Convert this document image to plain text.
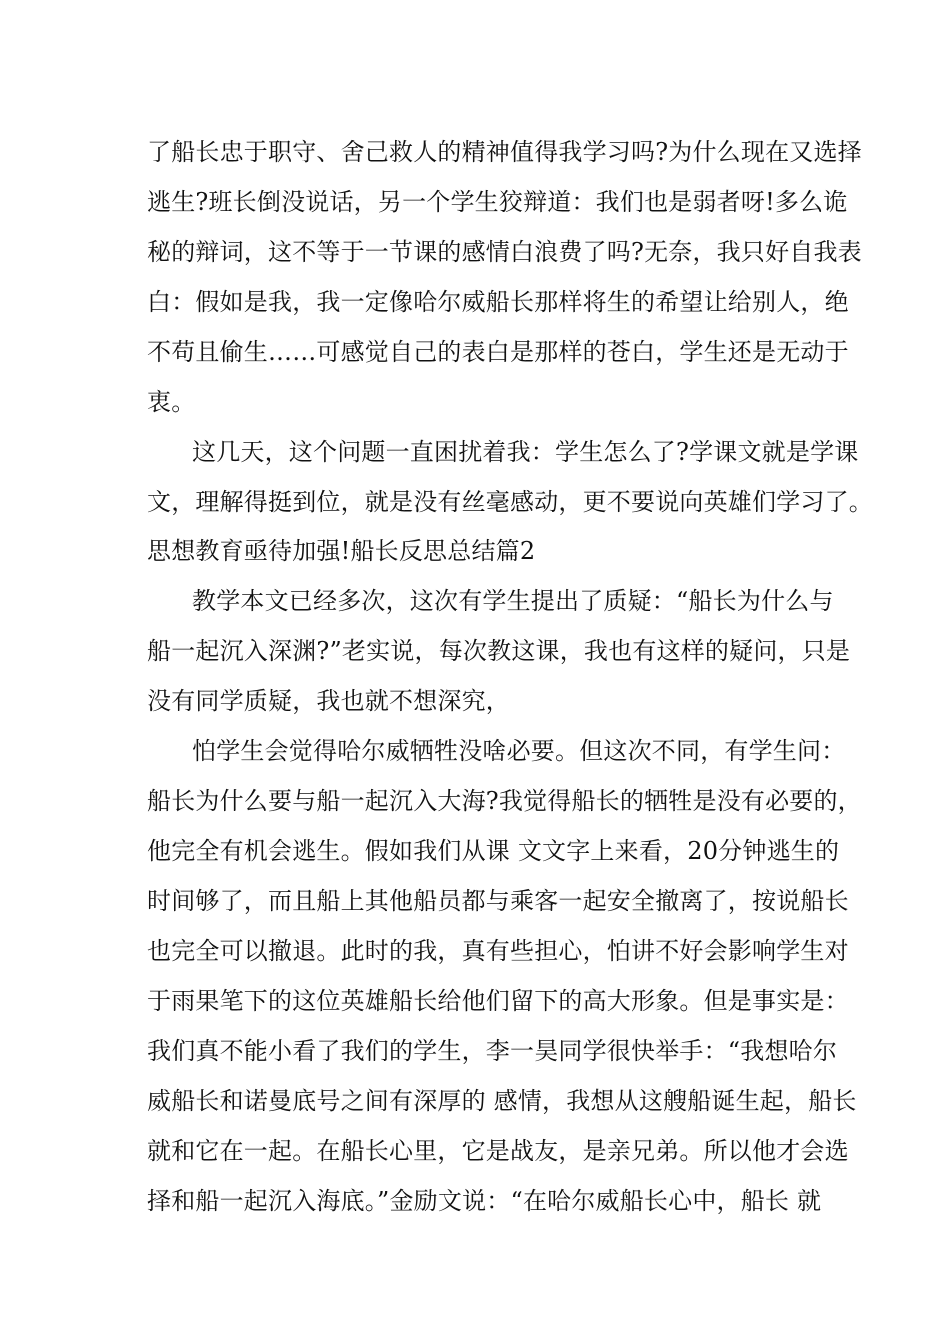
了船长忠于职守、舍己救人的精神值得我学习吗?为什么现在又选择
逃生?班长倒没说话，另一个学生狡辩道：我们也是弱者呀!多么诡
秘的辩词，这不等于一节课的感情白浪费了吗?无奈，我只好自我表
白：假如是我，我一定像哈尔威船长那样将生的希望让给别人，绝
不苟且偷生……可感觉自己的表白是那样的苍白，学生还是无动于
衷。
这几天，这个问题一直困扰着我：学生怎么了?学课文就是学课
文，理解得挺到位，就是没有丝毫感动，更不要说向英雄们学习了。
思想教育亟待加强!船长反思总结篇2
教学本文已经多次，这次有学生提出了质疑：“船长为什么与
船一起沉入深渊?”老实说，每次教这课，我也有这样的疑问，只是
没有同学质疑，我也就不想深究，
怕学生会觉得哈尔威牺牲没啥必要。但这次不同，有学生问：
船长为什么要与船一起沉入大海?我觉得船长的牺牲是没有必要的，
他完全有机会逃生。假如我们从课 文文字上来看，20分钟逃生的
时间够了，而且船上其他船员都与乘客一起安全撤离了，按说船长
也完全可以撤退。此时的我，真有些担心，怕讲不好会影响学生对
于雨果笔下的这位英雄船长给他们留下的高大形象。但是事实是：
我们真不能小看了我们的学生，李一昊同学很快举手：“我想哈尔
威船长和诺曼底号之间有深厚的 感情，我想从这艘船诞生起，船长
就和它在一起。在船长心里，它是战友，是亲兄弟。所以他才会选
择和船一起沉入海底。”金励文说：“在哈尔威船长心中，船长 就
